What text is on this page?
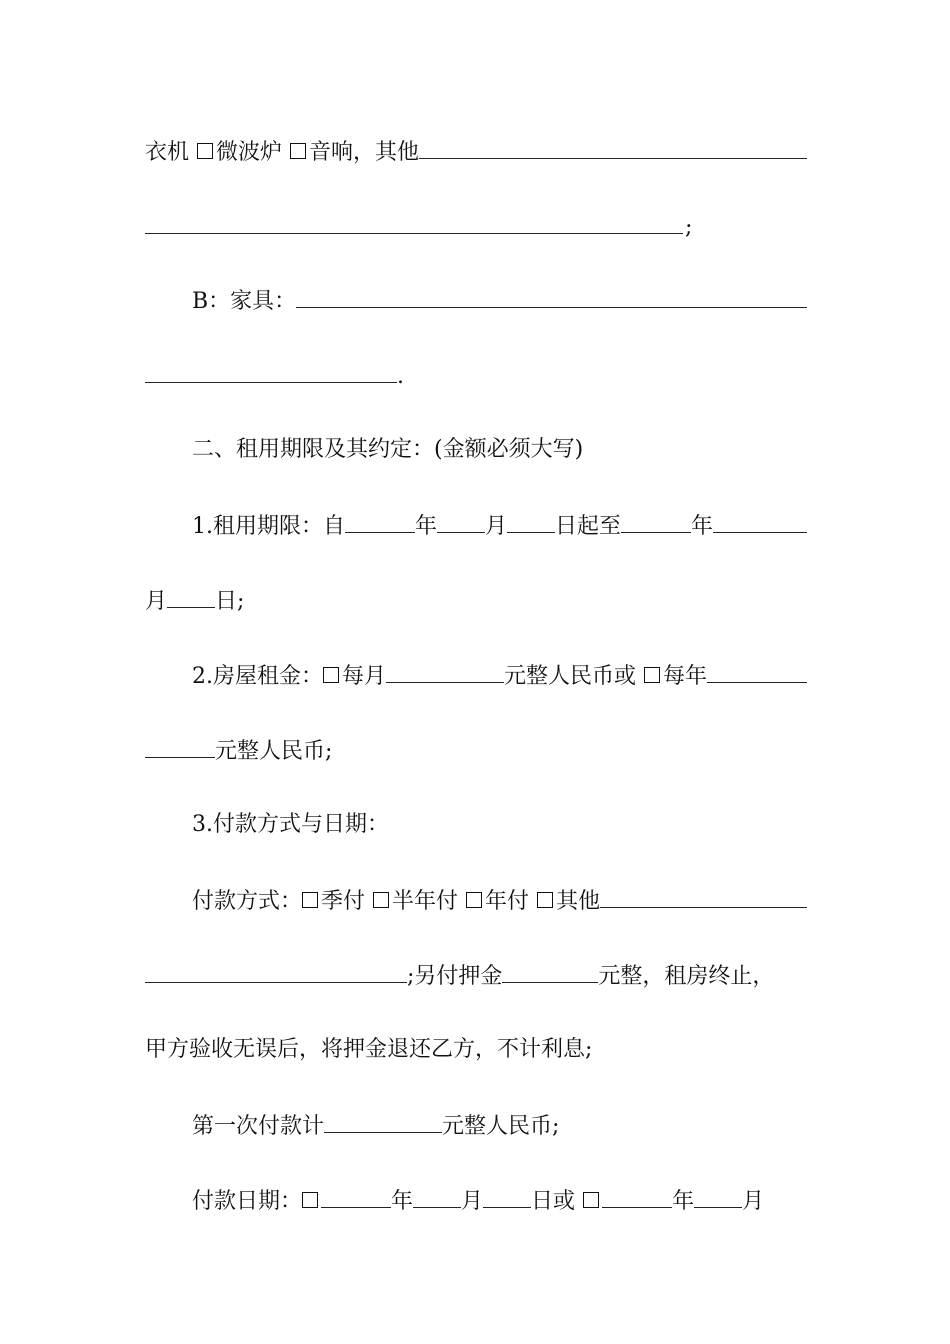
衣机 微波炉 音响，其他
;
B：家具：
.
二、租用期限及其约定：(金额必须大写)
1.租用期限：自	年 月 日起至	年
月 日;
2.房屋租金： 每月	元整人民币或 每年
元整人民币;
3.付款方式与日期：
付款方式： 季付 半年付 年付 其他
;另付押金	元整，租房终止，
甲方验收无误后，将押金退还乙方，不计利息;
第一次付款计	元整人民币;
付款日期：	年 月 日或	年 月
